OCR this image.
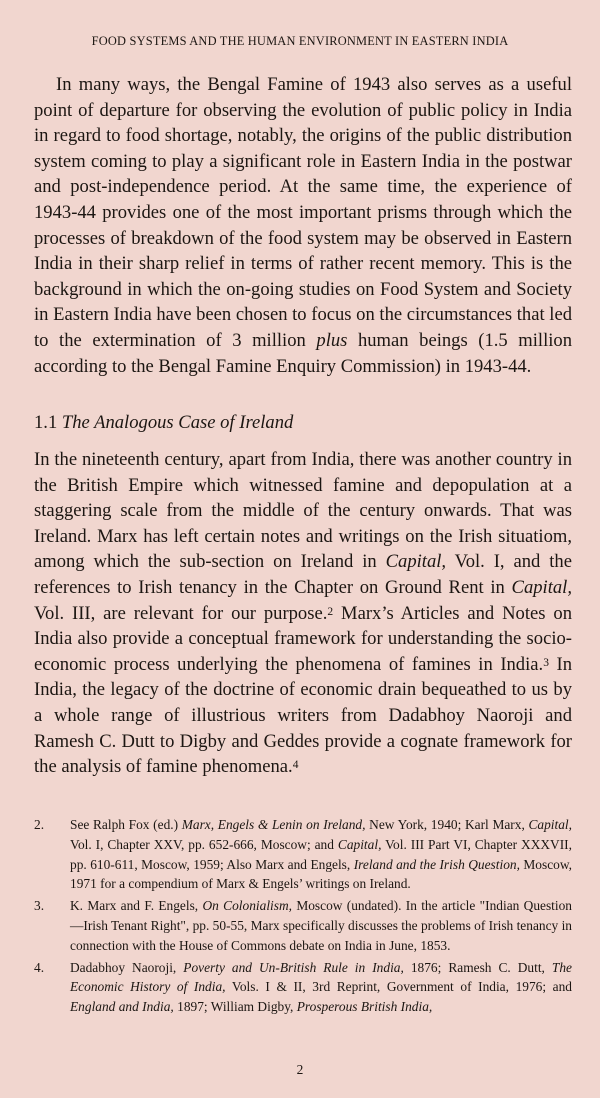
FOOD SYSTEMS AND THE HUMAN ENVIRONMENT IN EASTERN INDIA

In many ways, the Bengal Famine of 1943 also serves as a useful point of departure for observing the evolution of public policy in India in regard to food shortage, notably, the origins of the public distribution system coming to play a significant role in Eastern India in the postwar and post-independence period. At the same time, the experience of 1943-44 provides one of the most important prisms through which the processes of breakdown of the food system may be observed in Eastern India in their sharp relief in terms of rather recent memory. This is the background in which the on-going studies on Food System and Society in Eastern India have been chosen to focus on the circumstances that led to the extermination of 3 million plus human beings (1.5 million according to the Bengal Famine Enquiry Commission) in 1943-44.

1.1 The Analogous Case of Ireland

In the nineteenth century, apart from India, there was another country in the British Empire which witnessed famine and depopulation at a staggering scale from the middle of the century onwards. That was Ireland. Marx has left certain notes and writings on the Irish situatiom, among which the sub-section on Ireland in Capital, Vol. I, and the references to Irish tenancy in the Chapter on Ground Rent in Capital, Vol. III, are relevant for our purpose.$^2$ Marx’s Articles and Notes on India also provide a conceptual framework for understanding the socio-economic process underlying the phenomena of famines in India.$^3$ In India, the legacy of the doctrine of economic drain bequeathed to us by a whole range of illustrious writers from Dadabhoy Naoroji and Ramesh C. Dutt to Digby and Geddes provide a cognate framework for the analysis of famine phenomena.$^4$

2.	See Ralph Fox (ed.) Marx, Engels & Lenin on Ireland, New York, 1940; Karl Marx, Capital, Vol. I, Chapter XXV, pp. 652-666, Moscow; and Capital, Vol. III Part VI, Chapter XXXVII, pp. 610-611, Moscow, 1959; Also Marx and Engels, Ireland and the Irish Question, Moscow, 1971 for a compendium of Marx & Engels’ writings on Ireland.
3.	K. Marx and F. Engels, On Colonialism, Moscow (undated). In the article "Indian Question—Irish Tenant Right", pp. 50-55, Marx specifically discusses the problems of Irish tenancy in connection with the House of Commons debate on India in June, 1853.
4.	Dadabhoy Naoroji, Poverty and Un-British Rule in India, 1876; Ramesh C. Dutt, The Economic History of India, Vols. I & II, 3rd Reprint, Government of India, 1976; and England and India, 1897; William Digby, Prosperous British India,
2
